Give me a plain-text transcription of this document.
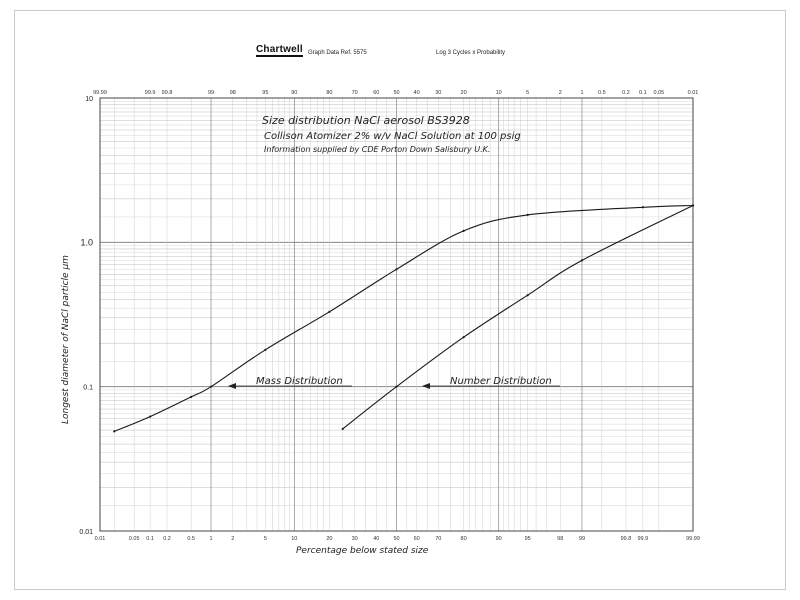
Chartwell Graph Data Ref. 5575	Log 3 Cycles x Probability
0.01	0.05 0.1 0.2	0.5	1	2	5	10	20	30	40	50	60	70	80	90	95	98	99	99.8 99.9	99.99
99.99	99.9 99.8	99	98	95	90	80	70	60	50	40	30	20	10	5	2	1	0.5	0.2 0.1 0.05	0.01
10
1.0
0.1
0.01
Size distribution NaCl aerosol BS3928
Collison Atomizer 2% w/v NaCl Solution at 100 psig
Information supplied by CDE Porton Down Salisbury U.K.
Mass Distribution	Number Distribution
Percentage below stated size
Longest diameter of NaCl particle µm
